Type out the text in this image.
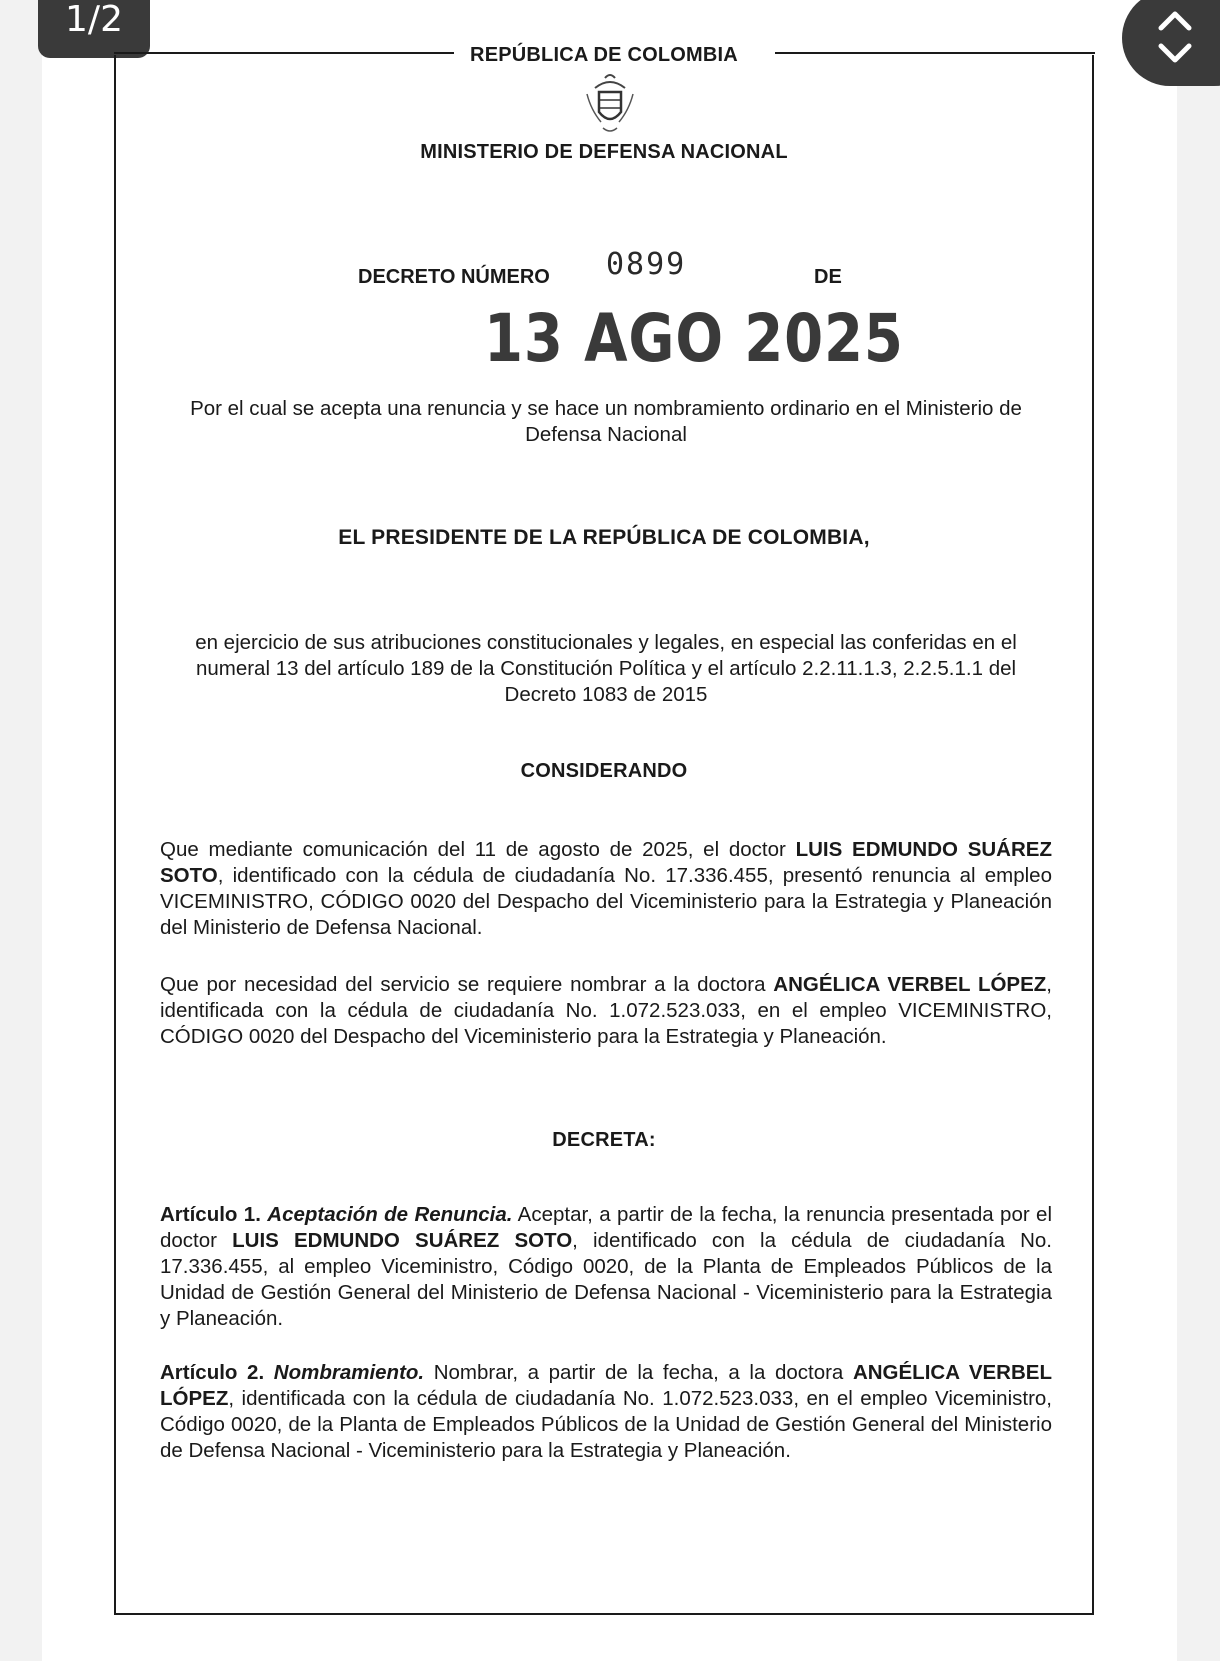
1/2
REPÚBLICA DE COLOMBIA
MINISTERIO DE DEFENSA NACIONAL
DECRETO NÚMERO 0899	DE
13 AGO 2025
Por el cual se acepta una renuncia y se hace un nombramiento ordinario en el Ministerio de Defensa Nacional
EL PRESIDENTE DE LA REPÚBLICA DE COLOMBIA,
en ejercicio de sus atribuciones constitucionales y legales, en especial las conferidas en el numeral 13 del artículo 189 de la Constitución Política y el artículo 2.2.11.1.3, 2.2.5.1.1 del Decreto 1083 de 2015
CONSIDERANDO
Que mediante comunicación del 11 de agosto de 2025, el doctor LUIS EDMUNDO SUÁREZ SOTO, identificado con la cédula de ciudadanía No. 17.336.455, presentó renuncia al empleo VICEMINISTRO, CÓDIGO 0020 del Despacho del Viceministerio para la Estrategia y Planeación del Ministerio de Defensa Nacional.
Que por necesidad del servicio se requiere nombrar a la doctora ANGÉLICA VERBEL LÓPEZ, identificada con la cédula de ciudadanía No. 1.072.523.033, en el empleo VICEMINISTRO, CÓDIGO 0020 del Despacho del Viceministerio para la Estrategia y Planeación.
DECRETA:
Artículo 1. Aceptación de Renuncia. Aceptar, a partir de la fecha, la renuncia presentada por el doctor LUIS EDMUNDO SUÁREZ SOTO, identificado con la cédula de ciudadanía No. 17.336.455, al empleo Viceministro, Código 0020, de la Planta de Empleados Públicos de la Unidad de Gestión General del Ministerio de Defensa Nacional - Viceministerio para la Estrategia y Planeación.
Artículo 2. Nombramiento. Nombrar, a partir de la fecha, a la doctora ANGÉLICA VERBEL LÓPEZ, identificada con la cédula de ciudadanía No. 1.072.523.033, en el empleo Viceministro, Código 0020, de la Planta de Empleados Públicos de la Unidad de Gestión General del Ministerio de Defensa Nacional - Viceministerio para la Estrategia y Planeación.
